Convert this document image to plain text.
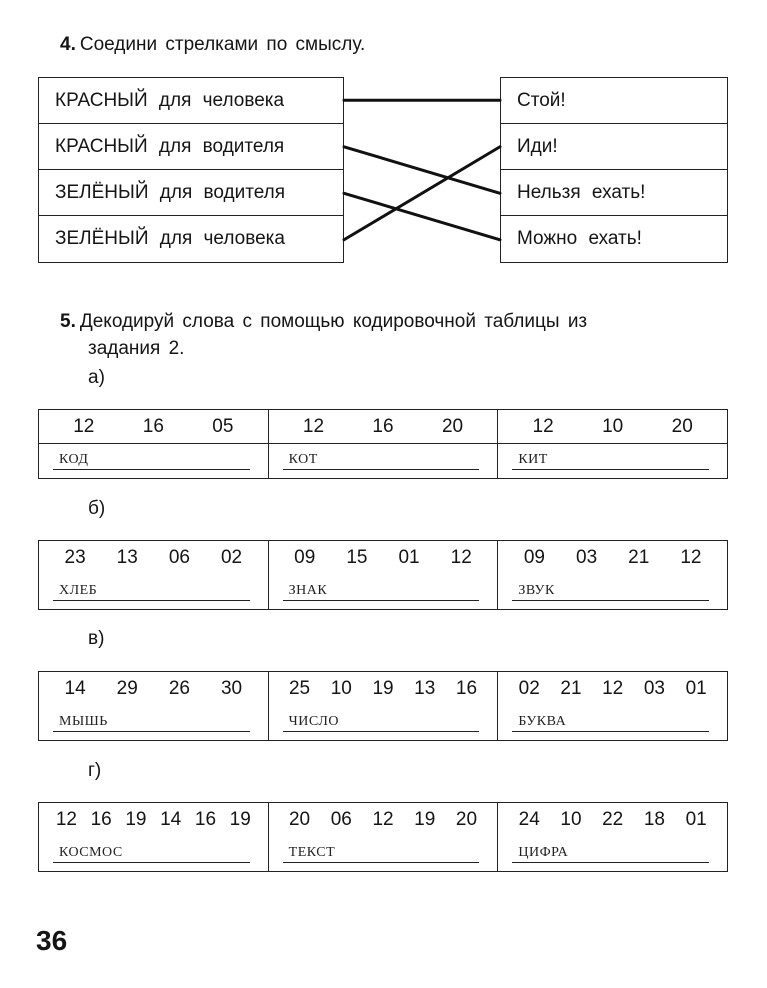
4. Соедини стрелками по смыслу.
КРАСНЫЙ для человека
КРАСНЫЙ для водителя
ЗЕЛЁНЫЙ для водителя
ЗЕЛЁНЫЙ для человека
Стой!
Иди!
Нельзя ехать!
Можно ехать!
5. Декодируй слова с помощью кодировочной таблицы из
задания 2.
а)
12	16	05
КОД
12	16	20
КОТ
12	10	20
КИТ
б)
23 13 06 02
ХЛЕБ
09 15 01 12
ЗНАК
09 03 21 12
ЗВУК
в)
14 29 26 30
МЫШЬ
25 10 19 13 16
ЧИСЛО
02 21 12 03 01
БУКВА
г)
12 16 19 14 16 19
КОСМОС
20 06 12 19 20
ТЕКСТ
24 10 22 18 01
ЦИФРА
36
